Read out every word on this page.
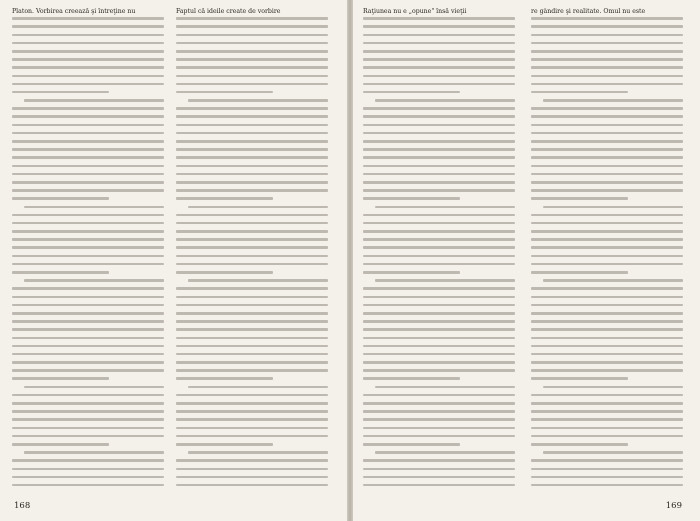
Platon. Vorbirea creează şi întreţine nu	Faptul că ideile create de vorbire
168
Raţiunea nu e „opune" însă vieţii	re gândire şi realitate. Omul nu este
169
